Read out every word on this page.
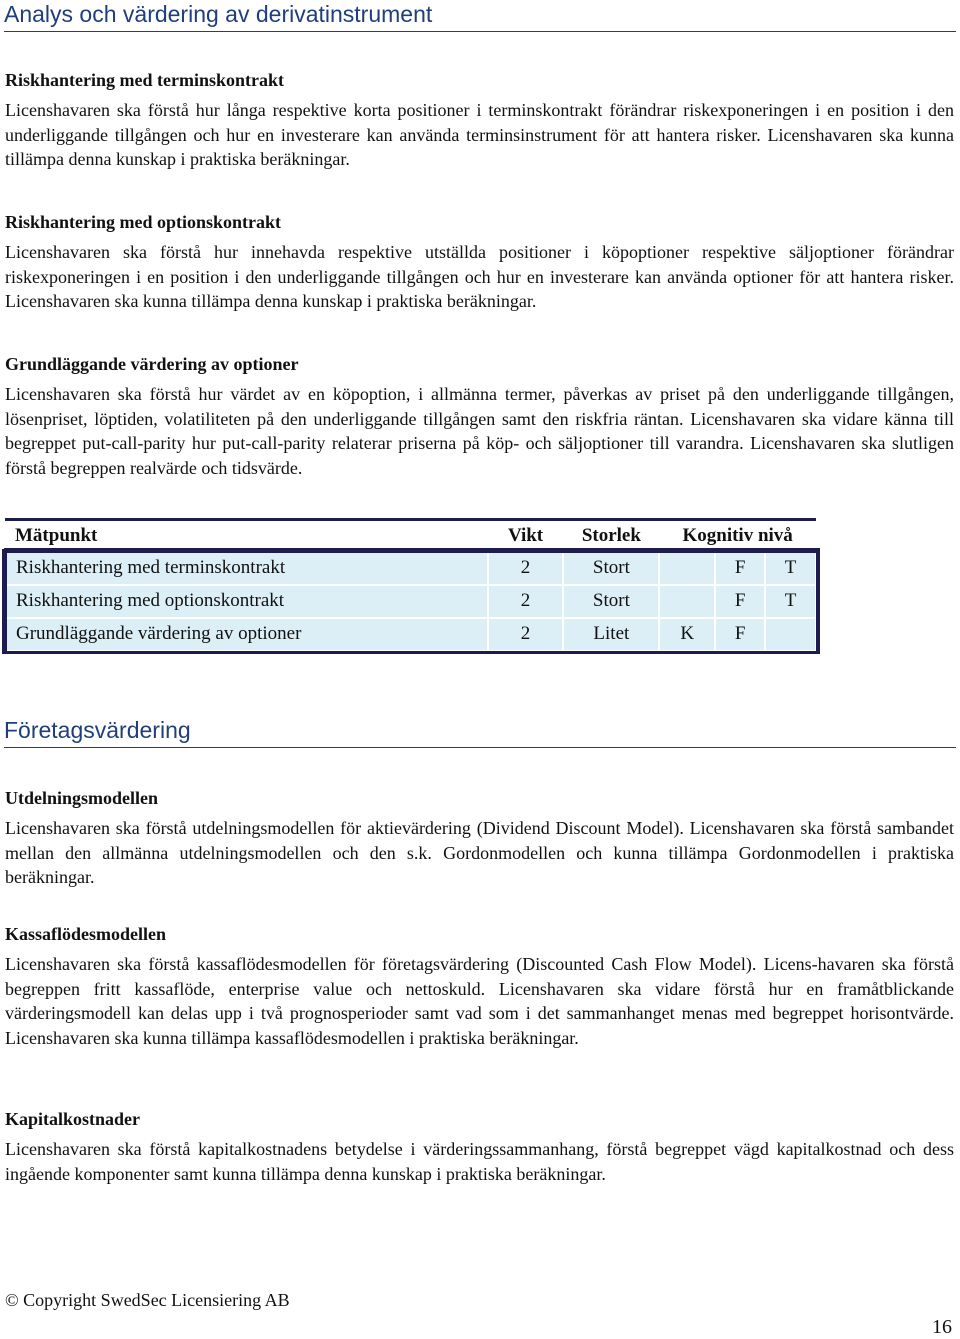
Analys och värdering av derivatinstrument
Riskhantering med terminskontrakt

Licenshavaren ska förstå hur långa respektive korta positioner i terminskontrakt förändrar riskexponeringen i en position i den underliggande tillgången och hur en investerare kan använda terminsinstrument för att hantera risker. Licenshavaren ska kunna tillämpa denna kunskap i praktiska beräkningar.

Riskhantering med optionskontrakt

Licenshavaren ska förstå hur innehavda respektive utställda positioner i köpoptioner respektive säljoptioner förändrar riskexponeringen i en position i den underliggande tillgången och hur en investerare kan använda optioner för att hantera risker. Licenshavaren ska kunna tillämpa denna kunskap i praktiska beräkningar.

Grundläggande värdering av optioner

Licenshavaren ska förstå hur värdet av en köpoption, i allmänna termer, påverkas av priset på den underliggande tillgången, lösenpriset, löptiden, volatiliteten på den underliggande tillgången samt den riskfria räntan. Licenshavaren ska vidare känna till begreppet put-call-parity hur put-call-parity relaterar priserna på köp- och säljoptioner till varandra. Licenshavaren ska slutligen förstå begreppen realvärde och tidsvärde.

Mätpunkt	Vikt	Storlek	Kognitiv nivå		
Riskhantering med terminskontrakt	2	Stort		F	T
Riskhantering med optionskontrakt	2	Stort		F	T
Grundläggande värdering av optioner	2	Litet	K	F	
Företagsvärdering
Utdelningsmodellen

Licenshavaren ska förstå utdelningsmodellen för aktievärdering (Dividend Discount Model). Licenshavaren ska förstå sambandet mellan den allmänna utdelningsmodellen och den s.k. Gordonmodellen och kunna tillämpa Gordonmodellen i praktiska beräkningar.

Kassaflödesmodellen

Licenshavaren ska förstå kassaflödesmodellen för företagsvärdering (Discounted Cash Flow Model). Licens-havaren ska förstå begreppen fritt kassaflöde, enterprise value och nettoskuld. Licenshavaren ska vidare förstå hur en framåtblickande värderingsmodell kan delas upp i två prognosperioder samt vad som i det sammanhanget menas med begreppet horisontvärde. Licenshavaren ska kunna tillämpa kassaflödesmodellen i praktiska beräkningar.

Kapitalkostnader

Licenshavaren ska förstå kapitalkostnadens betydelse i värderingssammanhang, förstå begreppet vägd kapitalkostnad och dess ingående komponenter samt kunna tillämpa denna kunskap i praktiska beräkningar.

© Copyright SwedSec Licensiering AB
16
